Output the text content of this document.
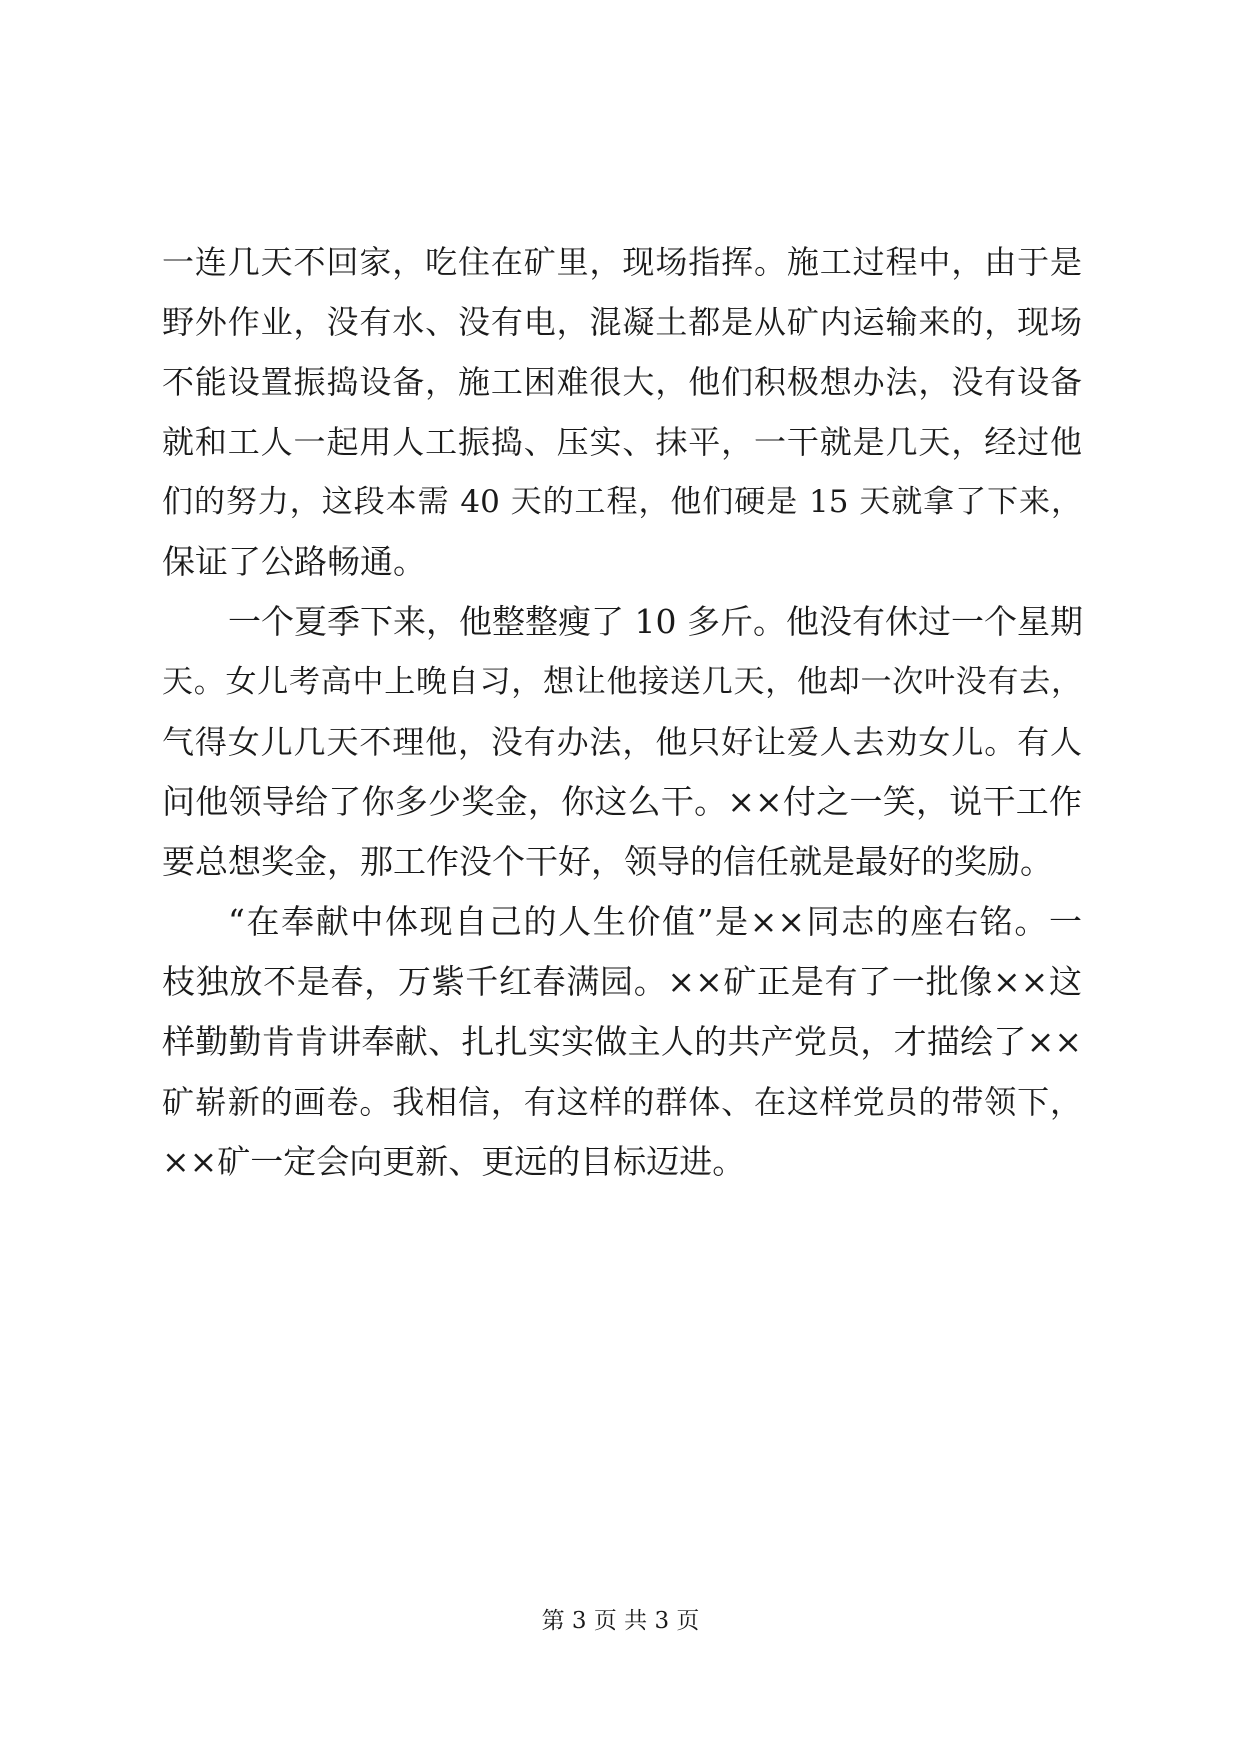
一连几天不回家，吃住在矿里，现场指挥。施工过程中，由于是
野外作业，没有水、没有电，混凝土都是从矿内运输来的，现场
不能设置振捣设备，施工困难很大，他们积极想办法，没有设备
就和工人一起用人工振捣、压实、抹平，一干就是几天，经过他
们的努力，这段本需 40 天的工程，他们硬是 15 天就拿了下来，
保证了公路畅通。
一个夏季下来，他整整瘦了 10 多斤。他没有休过一个星期
天。女儿考高中上晚自习，想让他接送几天，他却一次叶没有去，
气得女儿几天不理他，没有办法，他只好让爱人去劝女儿。有人
问他领导给了你多少奖金，你这么干。××付之一笑，说干工作
要总想奖金，那工作没个干好，领导的信任就是最好的奖励。
“在奉献中体现自己的人生价值”是××同志的座右铭。一
枝独放不是春，万紫千红春满园。××矿正是有了一批像××这
样勤勤肯肯讲奉献、扎扎实实做主人的共产党员，才描绘了××
矿崭新的画卷。我相信，有这样的群体、在这样党员的带领下，
××矿一定会向更新、更远的目标迈进。
第 3 页 共 3 页
